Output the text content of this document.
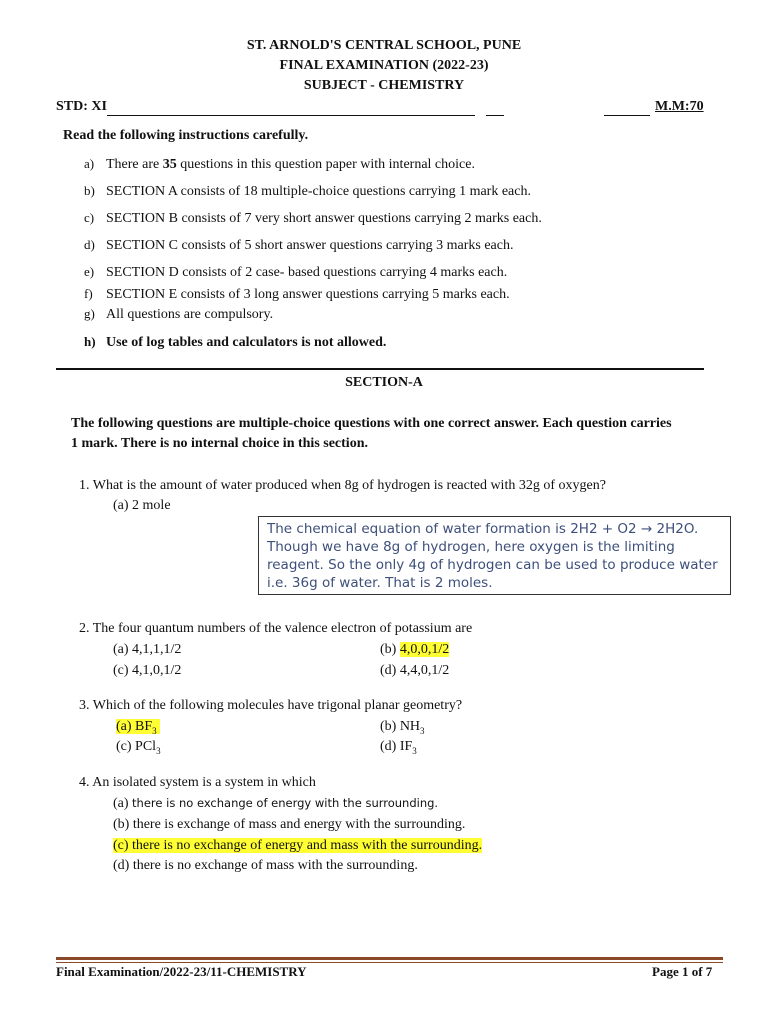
ST. ARNOLD'S CENTRAL SCHOOL, PUNE
FINAL EXAMINATION (2022-23)
SUBJECT - CHEMISTRY
STD: XI	M.M:70
Read the following instructions carefully.
a) There are 35 questions in this question paper with internal choice.
b) SECTION A consists of 18 multiple-choice questions carrying 1 mark each.
c) SECTION B consists of 7 very short answer questions carrying 2 marks each.
d) SECTION C consists of 5 short answer questions carrying 3 marks each.
e) SECTION D consists of 2 case- based questions carrying 4 marks each.
f) SECTION E consists of 3 long answer questions carrying 5 marks each.
g) All questions are compulsory.
h) Use of log tables and calculators is not allowed.
SECTION-A
The following questions are multiple-choice questions with one correct answer. Each question carries
1 mark. There is no internal choice in this section.
1. What is the amount of water produced when 8g of hydrogen is reacted with 32g of oxygen?
(a) 2 mole
The chemical equation of water formation is 2H2 + O2 → 2H2O.
Though we have 8g of hydrogen, here oxygen is the limiting
reagent. So the only 4g of hydrogen can be used to produce water
i.e. 36g of water. That is 2 moles.
2. The four quantum numbers of the valence electron of potassium are
(a) 4,1,1,1/2	(b) 4,0,0,1/2
(c) 4,1,0,1/2	(d) 4,4,0,1/2
3. Which of the following molecules have trigonal planar geometry?
(a) $BF_3$	(b) $NH_3$
(c) PCl$_3$	(d) $IF_3$
4. An isolated system is a system in which
(a) there is no exchange of energy with the surrounding.
(b) there is exchange of mass and energy with the surrounding.
(c) there is no exchange of energy and mass with the surrounding.
(d) there is no exchange of mass with the surrounding.
Final Examination/2022-23/11-CHEMISTRY	Page 1 of 7
